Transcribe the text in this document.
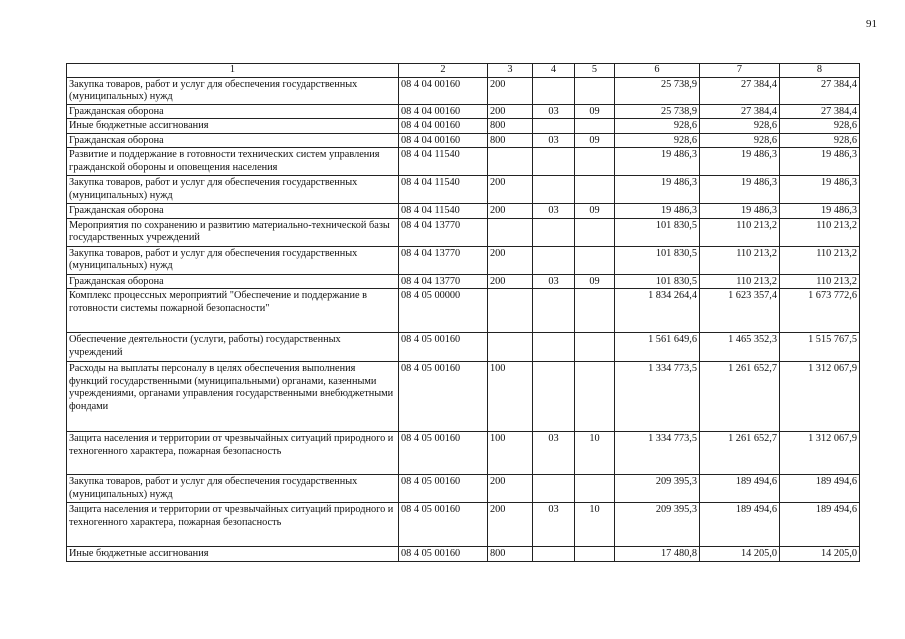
91
1	2	3	4	5	6	7	8
Закупка товаров, работ и услуг для обеспечения государственных (муниципальных) нужд	08 4 04 00160	200			25 738,9	27 384,4	27 384,4
Гражданская оборона	08 4 04 00160	200	03	09	25 738,9	27 384,4	27 384,4
Иные бюджетные ассигнования	08 4 04 00160	800			928,6	928,6	928,6
Гражданская оборона	08 4 04 00160	800	03	09	928,6	928,6	928,6
Развитие и поддержание в готовности технических систем управления гражданской обороны и оповещения населения	08 4 04 11540				19 486,3	19 486,3	19 486,3
Закупка товаров, работ и услуг для обеспечения государственных (муниципальных) нужд	08 4 04 11540	200			19 486,3	19 486,3	19 486,3
Гражданская оборона	08 4 04 11540	200	03	09	19 486,3	19 486,3	19 486,3
Мероприятия по сохранению и развитию материально-технической базы государственных учреждений	08 4 04 13770				101 830,5	110 213,2	110 213,2
Закупка товаров, работ и услуг для обеспечения государственных (муниципальных) нужд	08 4 04 13770	200			101 830,5	110 213,2	110 213,2
Гражданская оборона	08 4 04 13770	200	03	09	101 830,5	110 213,2	110 213,2
Комплекс процессных мероприятий "Обеспечение и поддержание в готовности системы пожарной безопасности"	08 4 05 00000				1 834 264,4	1 623 357,4	1 673 772,6
Обеспечение деятельности (услуги, работы) государственных учреждений	08 4 05 00160				1 561 649,6	1 465 352,3	1 515 767,5
Расходы на выплаты персоналу в целях обеспечения выполнения функций государственными (муниципальными) органами, казенными учреждениями, органами управления государственными внебюджетными фондами	08 4 05 00160	100			1 334 773,5	1 261 652,7	1 312 067,9
Защита населения и территории от чрезвычайных ситуаций природного и техногенного характера, пожарная безопасность	08 4 05 00160	100	03	10	1 334 773,5	1 261 652,7	1 312 067,9
Закупка товаров, работ и услуг для обеспечения государственных (муниципальных) нужд	08 4 05 00160	200			209 395,3	189 494,6	189 494,6
Защита населения и территории от чрезвычайных ситуаций природного и техногенного характера, пожарная безопасность	08 4 05 00160	200	03	10	209 395,3	189 494,6	189 494,6
Иные бюджетные ассигнования	08 4 05 00160	800			17 480,8	14 205,0	14 205,0
